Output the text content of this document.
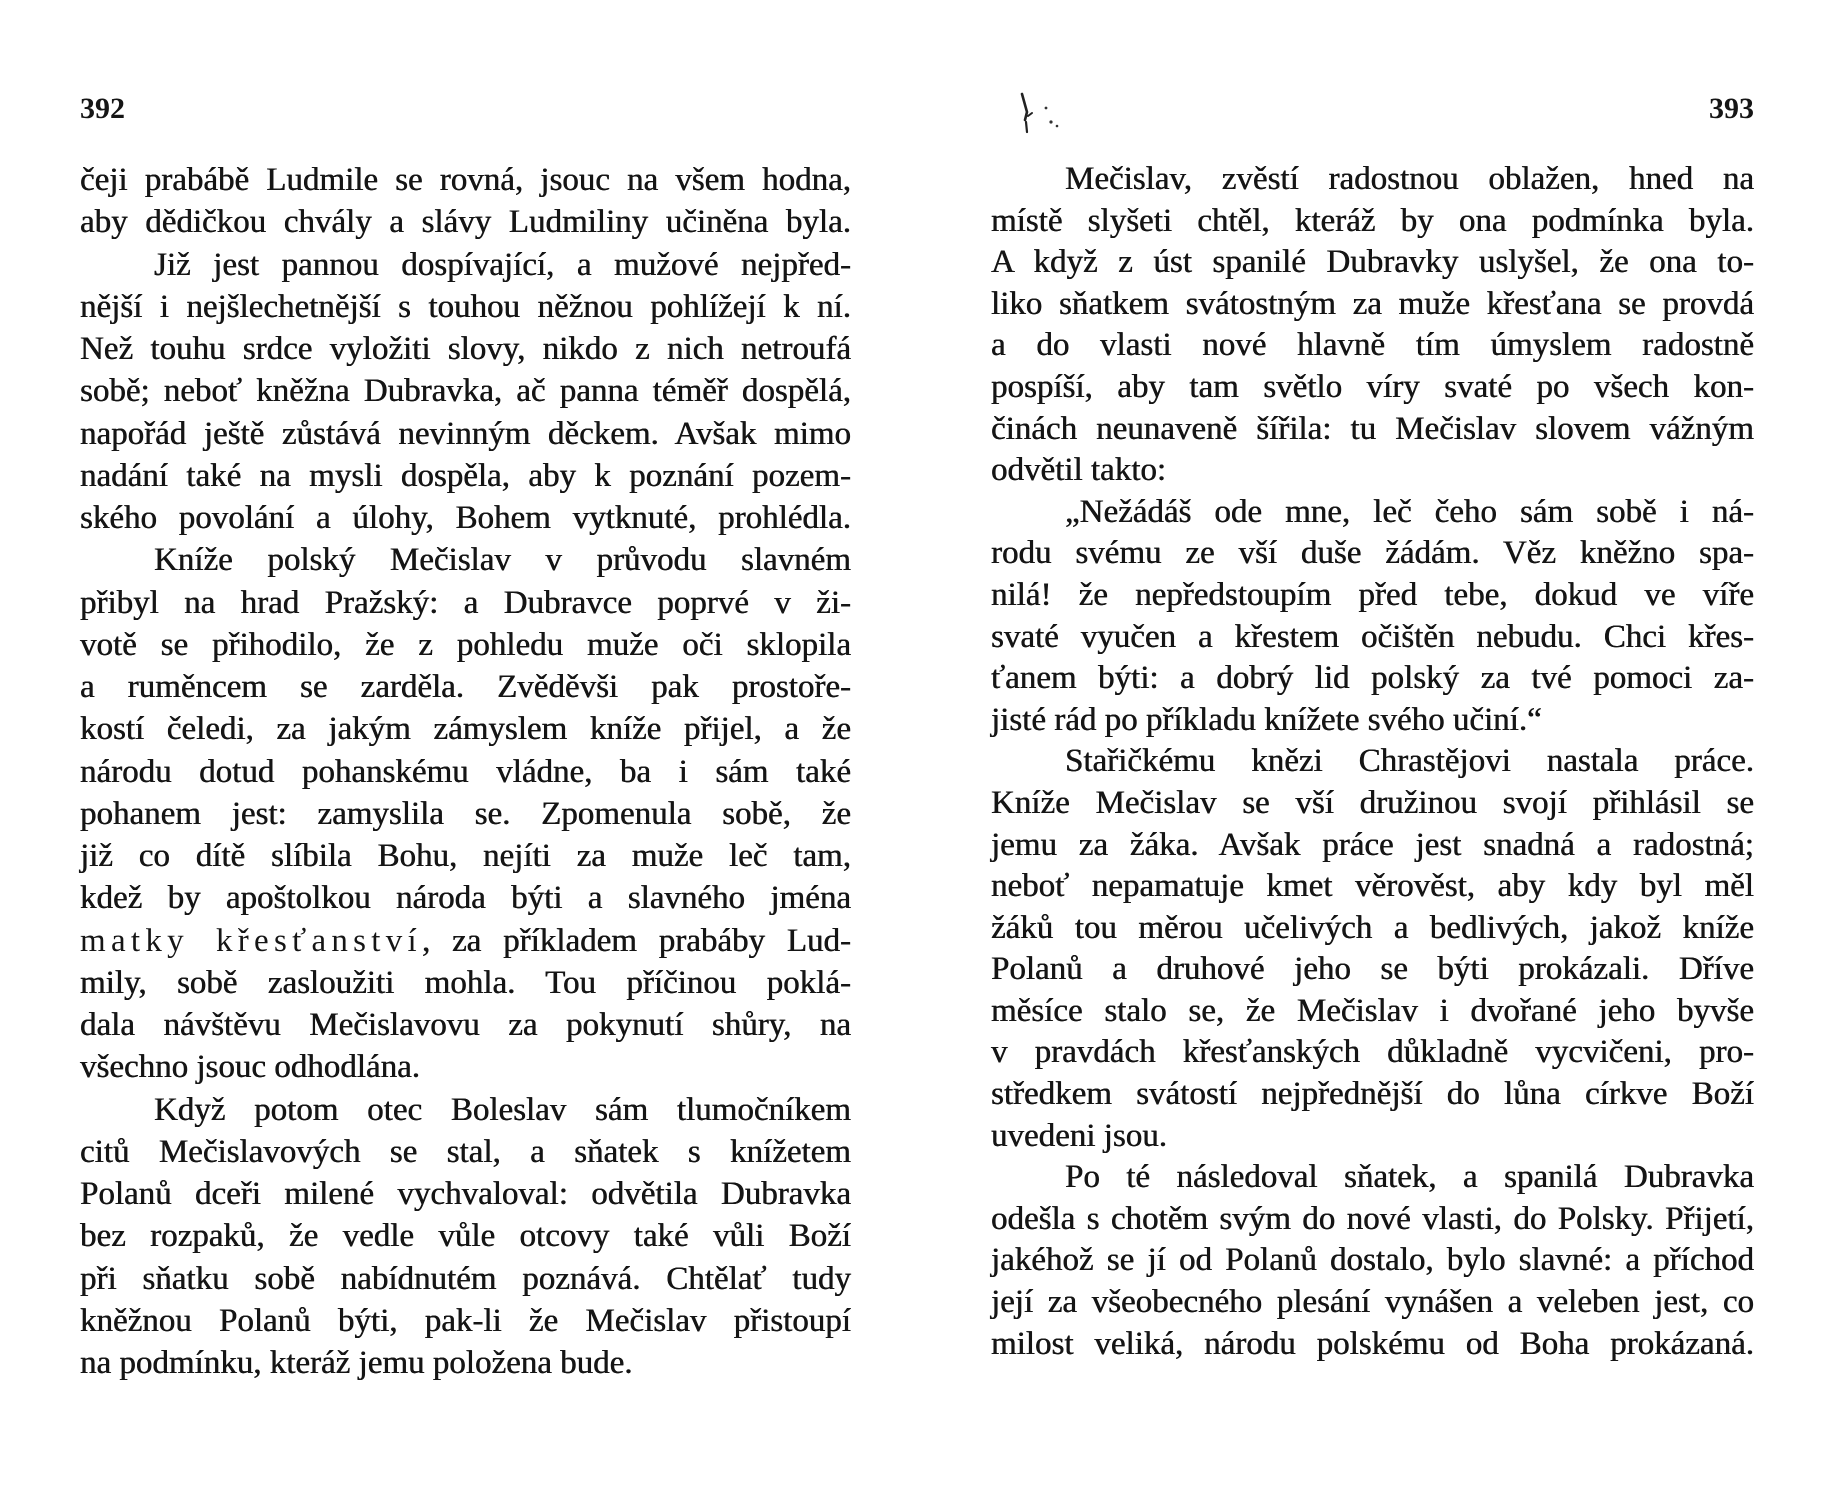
392
čeji prabábě Ludmile se rovná, jsouc na všem hodna,
aby dědičkou chvály a slávy Ludmiliny učiněna byla.
Již jest pannou dospívající, a mužové nejpřed-
nější i nejšlechetnější s touhou něžnou pohlížejí k ní.
Než touhu srdce vyložiti slovy, nikdo z nich netroufá
sobě; neboť kněžna Dubravka, ač panna téměř dospělá,
napořád ještě zůstává nevinným děckem. Avšak mimo
nadání také na mysli dospěla, aby k poznání pozem-
ského povolání a úlohy, Bohem vytknuté, prohlédla.
Kníže polský Mečislav v průvodu slavném
přibyl na hrad Pražský: a Dubravce poprvé v ži-
votě se přihodilo, že z pohledu muže oči sklopila
a ruměncem se zarděla. Zvěděvši pak prostoře-
kostí čeledi, za jakým zámyslem kníže přijel, a že
národu dotud pohanskému vládne, ba i sám také
pohanem jest: zamyslila se. Zpomenula sobě, že
již co dítě slíbila Bohu, nejíti za muže leč tam,
kdež by apoštolkou národa býti a slavného jména
matky křesťanství, za příkladem prabáby Lud-
mily, sobě zasloužiti mohla. Tou příčinou poklá-
dala návštěvu Mečislavovu za pokynutí shůry, na
všechno jsouc odhodlána.
Když potom otec Boleslav sám tlumočníkem
citů Mečislavových se stal, a sňatek s knížetem
Polanů dceři milené vychvaloval: odvětila Dubravka
bez rozpaků, že vedle vůle otcovy také vůli Boží
při sňatku sobě nabídnutém poznává. Chtělať tudy
kněžnou Polanů býti, pak-li že Mečislav přistoupí
na podmínku, kteráž jemu položena bude.
393
Mečislav, zvěstí radostnou oblažen, hned na
místě slyšeti chtěl, kteráž by ona podmínka byla.
A když z úst spanilé Dubravky uslyšel, že ona to-
liko sňatkem svátostným za muže křesťana se provdá
a do vlasti nové hlavně tím úmyslem radostně
pospíší, aby tam světlo víry svaté po všech kon-
činách neunaveně šířila: tu Mečislav slovem vážným
odvětil takto:
„Nežádáš ode mne, leč čeho sám sobě i ná-
rodu svému ze vší duše žádám. Věz kněžno spa-
nilá! že nepředstoupím před tebe, dokud ve víře
svaté vyučen a křestem očištěn nebudu. Chci křes-
ťanem býti: a dobrý lid polský za tvé pomoci za-
jisté rád po příkladu knížete svého učiní.“
Stařičkému knězi Chrastějovi nastala práce.
Kníže Mečislav se vší družinou svojí přihlásil se
jemu za žáka. Avšak práce jest snadná a radostná;
neboť nepamatuje kmet věrověst, aby kdy byl měl
žáků tou měrou učelivých a bedlivých, jakož kníže
Polanů a druhové jeho se býti prokázali. Dříve
měsíce stalo se, že Mečislav i dvořané jeho byvše
v pravdách křesťanských důkladně vycvičeni, pro-
středkem svátostí nejpřednější do lůna církve Boží
uvedeni jsou.
Po té následoval sňatek, a spanilá Dubravka
odešla s chotěm svým do nové vlasti, do Polsky. Přijetí,
jakéhož se jí od Polanů dostalo, bylo slavné: a příchod
její za všeobecného plesání vynášen a veleben jest, co
milost veliká, národu polskému od Boha prokázaná.
